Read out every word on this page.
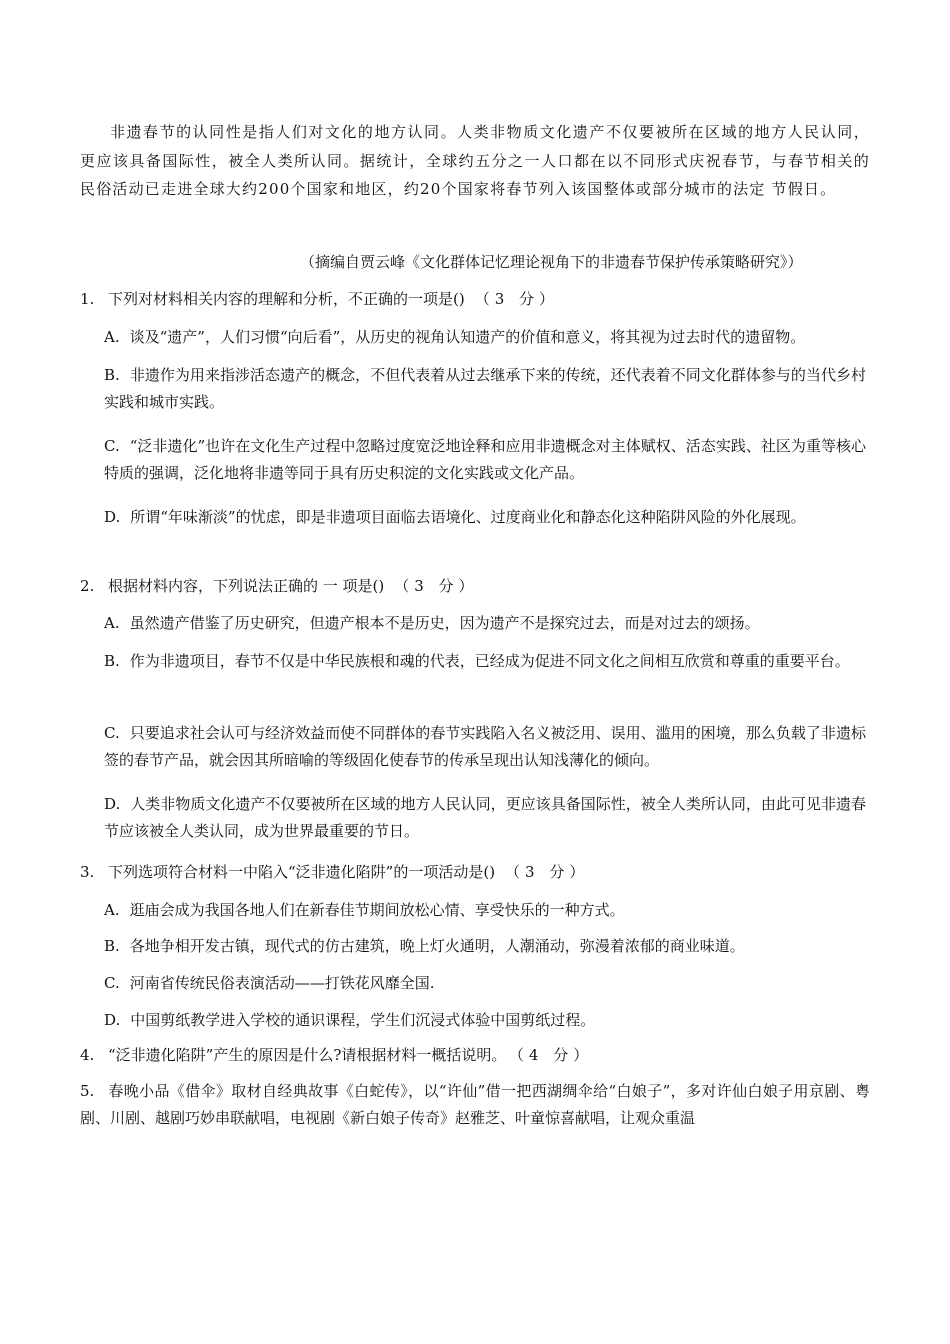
非遗春节的认同性是指人们对文化的地方认同。人类非物质文化遗产不仅要被所在区域的地方人民认同，更应该具备国际性，被全人类所认同。据统计，全球约五分之一人口都在以不同形式庆祝春节，与春节相关的民俗活动已走进全球大约200个国家和地区，约20个国家将春节列入该国整体或部分城市的法定 节假日。

（摘编自贾云峰《文化群体记忆理论视角下的非遗春节保护传承策略研究》）

1. 下列对材料相关内容的理解和分析，不正确的一项是() （3 分）

A. 谈及“遗产”，人们习惯“向后看”，从历史的视角认知遗产的价值和意义，将其视为过去时代的遗留物。

B. 非遗作为用来指涉活态遗产的概念，不但代表着从过去继承下来的传统，还代表着不同文化群体参与的当代乡村实践和城市实践。

C. “泛非遗化”也许在文化生产过程中忽略过度宽泛地诠释和应用非遗概念对主体赋权、活态实践、社区为重等核心特质的强调，泛化地将非遗等同于具有历史积淀的文化实践或文化产品。

D. 所谓“年味渐淡”的忧虑，即是非遗项目面临去语境化、过度商业化和静态化这种陷阱风险的外化展现。

2. 根据材料内容，下列说法正确的 一 项是() （3 分）

A. 虽然遗产借鉴了历史研究，但遗产根本不是历史，因为遗产不是探究过去，而是对过去的颂扬。

B. 作为非遗项目，春节不仅是中华民族根和魂的代表，已经成为促进不同文化之间相互欣赏和尊重的重要平台。

C. 只要追求社会认可与经济效益而使不同群体的春节实践陷入名义被泛用、误用、滥用的困境，那么负载了非遗标签的春节产品，就会因其所暗喻的等级固化使春节的传承呈现出认知浅薄化的倾向。

D. 人类非物质文化遗产不仅要被所在区域的地方人民认同，更应该具备国际性，被全人类所认同，由此可见非遗春节应该被全人类认同，成为世界最重要的节日。

3. 下列选项符合材料一中陷入“泛非遗化陷阱”的一项活动是() （3 分）

A. 逛庙会成为我国各地人们在新春佳节期间放松心情、享受快乐的一种方式。

B. 各地争相开发古镇，现代式的仿古建筑，晚上灯火通明，人潮涌动，弥漫着浓郁的商业味道。

C. 河南省传统民俗表演活动——打铁花风靡全国.

D. 中国剪纸教学进入学校的通识课程，学生们沉浸式体验中国剪纸过程。

4. “泛非遗化陷阱”产生的原因是什么?请根据材料一概括说明。 （4 分）

5. 春晚小品《借伞》取材自经典故事《白蛇传》，以“许仙”借一把西湖绸伞给“白娘子”，多对许仙白娘子用京剧、粤剧、川剧、越剧巧妙串联献唱，电视剧《新白娘子传奇》赵雅芝、叶童惊喜献唱，让观众重温
